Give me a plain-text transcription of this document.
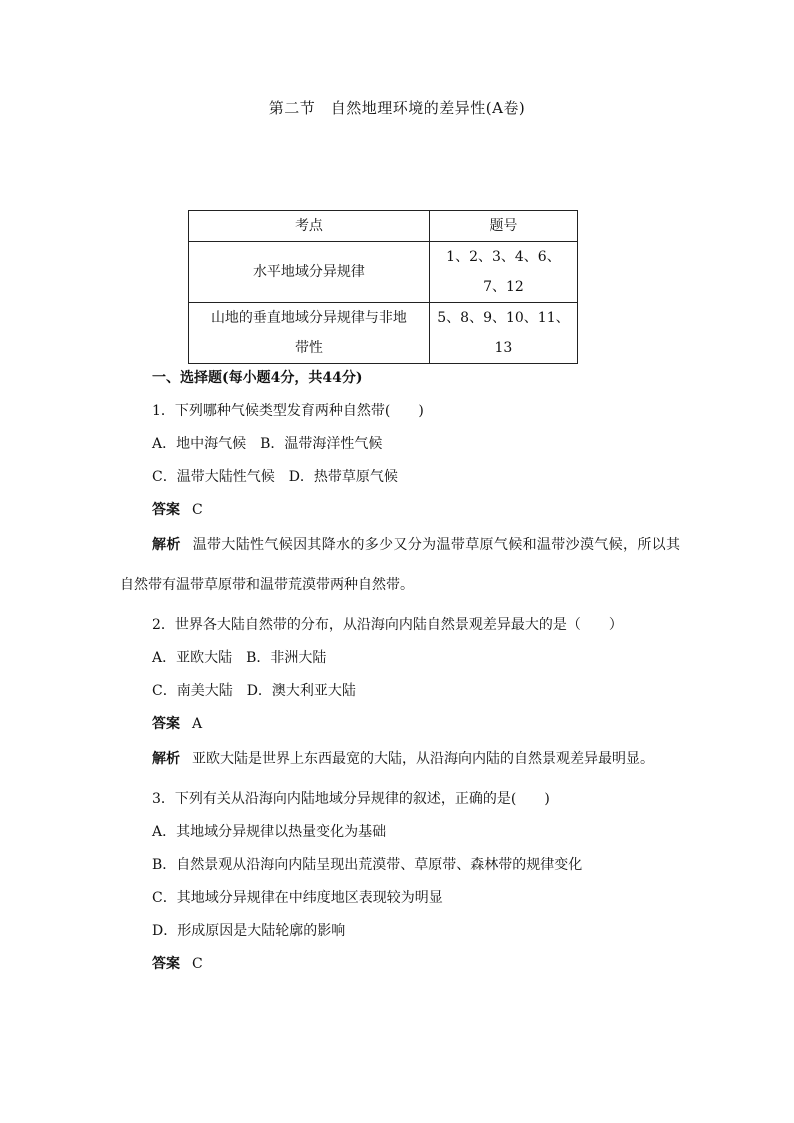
第二节　自然地理环境的差异性(A卷)
考点	题号
水平地域分异规律	1、2、3、4、6、7、12

山地的垂直地域分异规律与非地
带性	5、8、9、10、11、13
一、选择题(每小题4分，共44分)
1．下列哪种气候类型发育两种自然带(　　)
A．地中海气候　B．温带海洋性气候
C．温带大陆性气候　D．热带草原气候
答案 C
解析 温带大陆性气候因其降水的多少又分为温带草原气候和温带沙漠气候，所以其自然带有温带草原带和温带荒漠带两种自然带。
2．世界各大陆自然带的分布，从沿海向内陆自然景观差异最大的是（　　）
A．亚欧大陆　B．非洲大陆
C．南美大陆　D．澳大利亚大陆
答案 A
解析 亚欧大陆是世界上东西最宽的大陆，从沿海向内陆的自然景观差异最明显。
3．下列有关从沿海向内陆地域分异规律的叙述，正确的是(　　)
A．其地域分异规律以热量变化为基础
B．自然景观从沿海向内陆呈现出荒漠带、草原带、森林带的规律变化
C．其地域分异规律在中纬度地区表现较为明显
D．形成原因是大陆轮廓的影响
答案 C
